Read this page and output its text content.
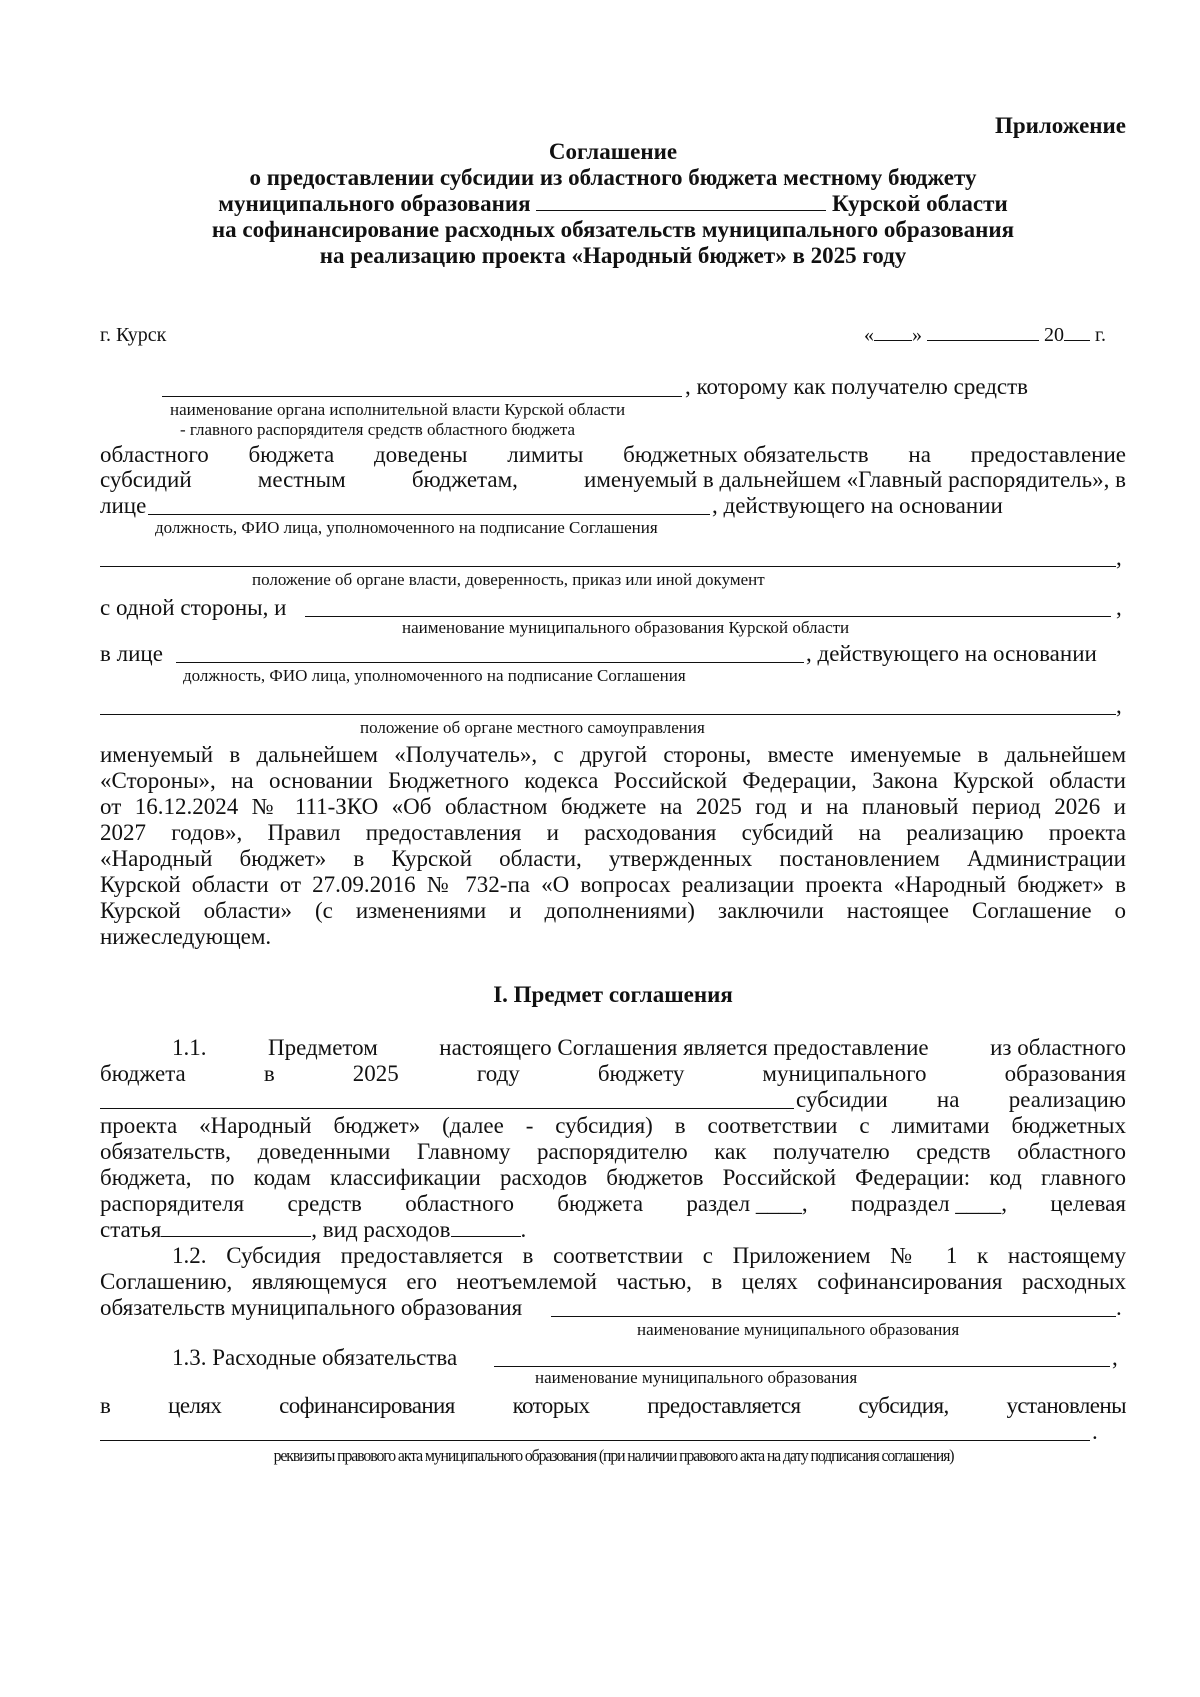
Приложение
Соглашение
о предоставлении субсидии из областного бюджета местному бюджету
муниципального образования	Курской области
на софинансирование расходных обязательств муниципального образования
на реализацию проекта «Народный бюджет» в 2025 году
г. Курск	« »	20 г.
, которому как получателю средств
наименование органа исполнительной власти Курской области
- главного распорядителя средств областного бюджета
областного бюджета доведены лимиты бюджетных обязательств на предоставление
субсидий	местным	бюджетам,	именуемый в дальнейшем «Главный распорядитель», в
лице	, действующего на основании
должность, ФИО лица, уполномоченного на подписание Соглашения
,
положение об органе власти, доверенность, приказ или иной документ
с одной стороны, и	,
наименование муниципального образования Курской области
в лице	, действующего на основании
должность, ФИО лица, уполномоченного на подписание Соглашения
,
положение об органе местного самоуправления
именуемый в дальнейшем «Получатель», с другой стороны, вместе именуемые в дальнейшем
«Стороны», на основании Бюджетного кодекса Российской Федерации, Закона Курской области
от 16.12.2024 № 111-ЗКО «Об областном бюджете на 2025 год и на плановый период 2026 и
2027 годов», Правил предоставления и расходования субсидий на реализацию проекта
«Народный бюджет» в Курской области, утвержденных постановлением Администрации
Курской области от 27.09.2016 № 732-па «О вопросах реализации проекта «Народный бюджет» в
Курской области» (с изменениями и дополнениями) заключили настоящее Соглашение о
нижеследующем.
I. Предмет соглашения
1.1.	Предметом	настоящего Соглашения является предоставление	из областного
бюджета	в	2025	году	бюджету	муниципального	образования
субсидии на реализацию
проекта «Народный бюджет» (далее - субсидия) в соответствии с лимитами бюджетных
обязательств, доведенными Главному распорядителю как получателю средств областного
бюджета, по кодам классификации расходов бюджетов Российской Федерации: код главного
распорядителя средств областного бюджета раздел ____, подраздел ____, целевая
статья	, вид расходов	.
1.2. Субсидия предоставляется в соответствии с Приложением № 1 к настоящему
Соглашению, являющемуся его неотъемлемой частью, в целях софинансирования расходных
обязательств муниципального образования	.
наименование муниципального образования
1.3. Расходные обязательства	,
наименование муниципального образования
в	целях	софинансирования	которых	предоставляется	субсидия,	установлены
.
реквизиты правового акта муниципального образования (при наличии правового акта на дату подписания соглашения)
